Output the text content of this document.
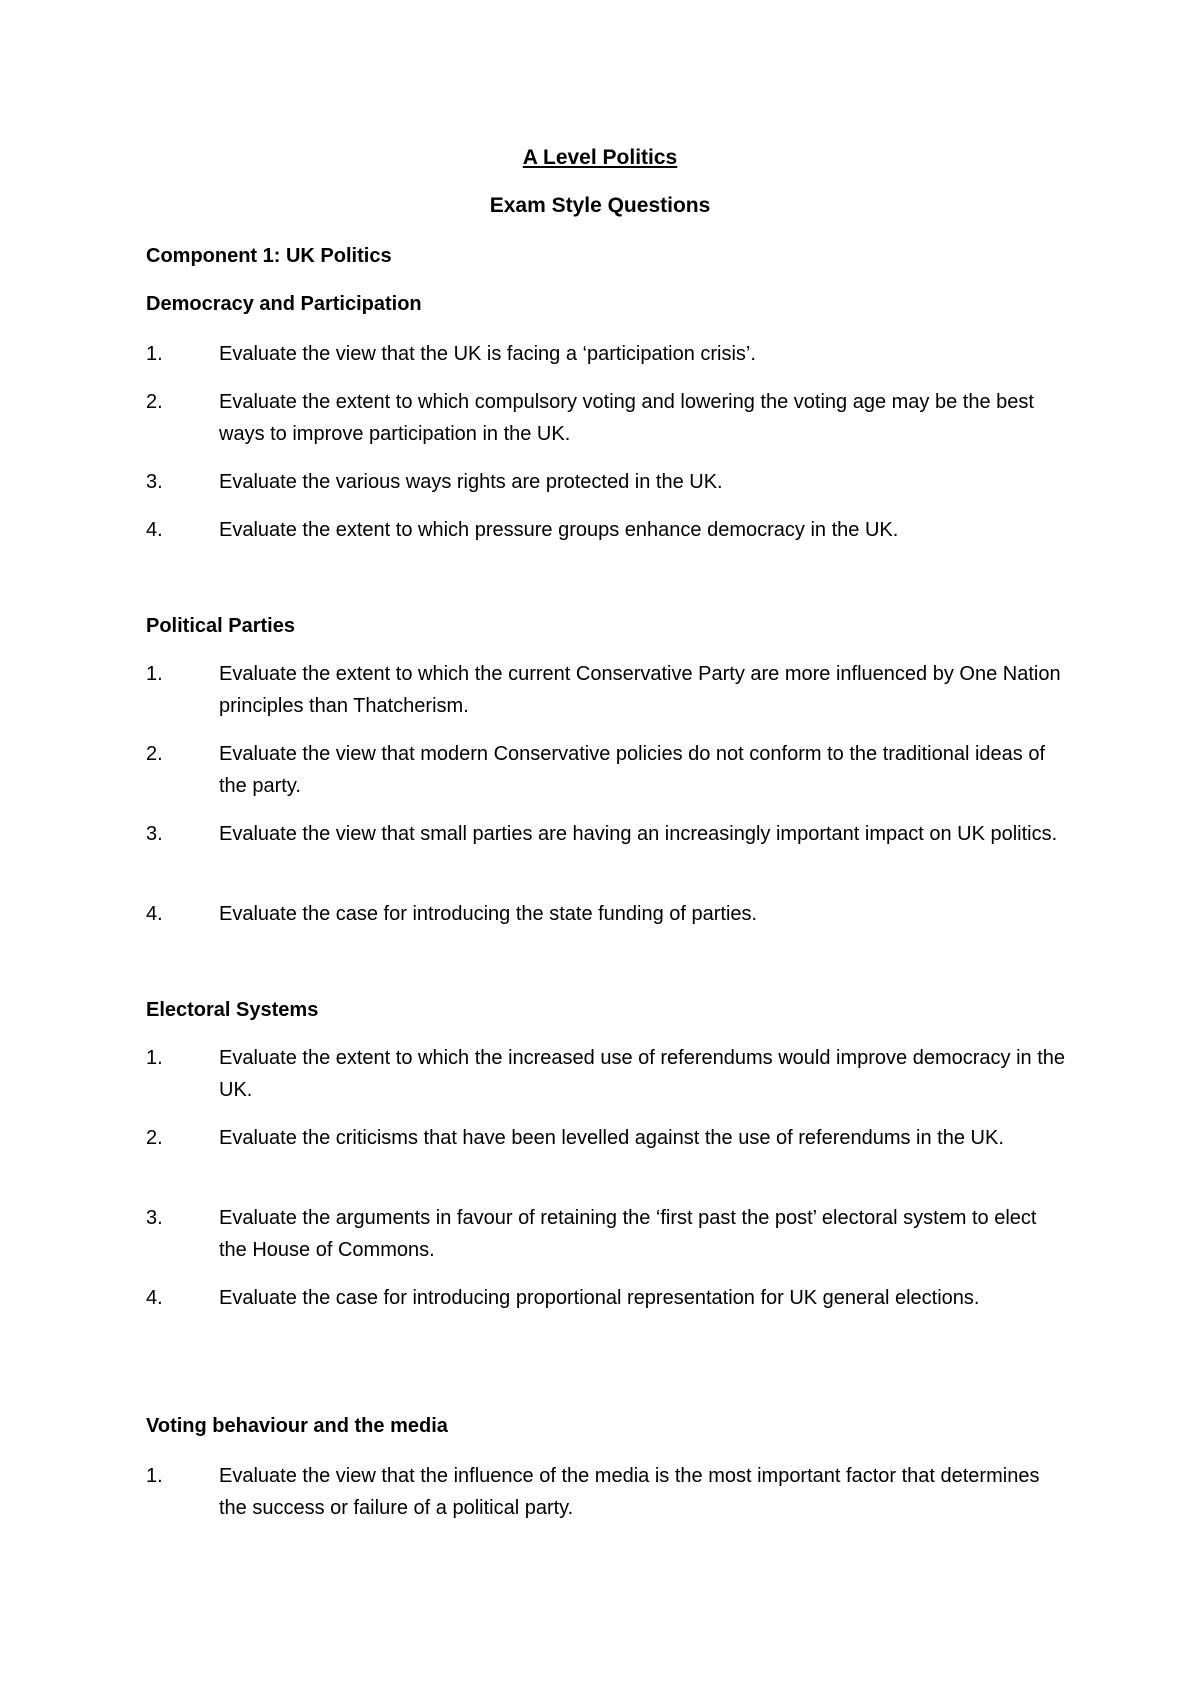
A Level Politics
Exam Style Questions
Component 1: UK Politics
Democracy and Participation
1.	Evaluate the view that the UK is facing a ‘participation crisis’.
2.	Evaluate the extent to which compulsory voting and lowering the voting age may be the best ways to improve participation in the UK.
3.	Evaluate the various ways rights are protected in the UK.
4.	Evaluate the extent to which pressure groups enhance democracy in the UK.
Political Parties
1.	Evaluate the extent to which the current Conservative Party are more influenced by One Nation principles than Thatcherism.
2.	Evaluate the view that modern Conservative policies do not conform to the traditional ideas of the party.
3.	Evaluate the view that small parties are having an increasingly important impact on UK politics.
4.	Evaluate the case for introducing the state funding of parties.
Electoral Systems
1.	Evaluate the extent to which the increased use of referendums would improve democracy in the UK.
2.	Evaluate the criticisms that have been levelled against the use of referendums in the UK.
3.	Evaluate the arguments in favour of retaining the ‘first past the post’ electoral system to elect the House of Commons.
4.	Evaluate the case for introducing proportional representation for UK general elections.
Voting behaviour and the media
1.	Evaluate the view that the influence of the media is the most important factor that determines the success or failure of a political party.
